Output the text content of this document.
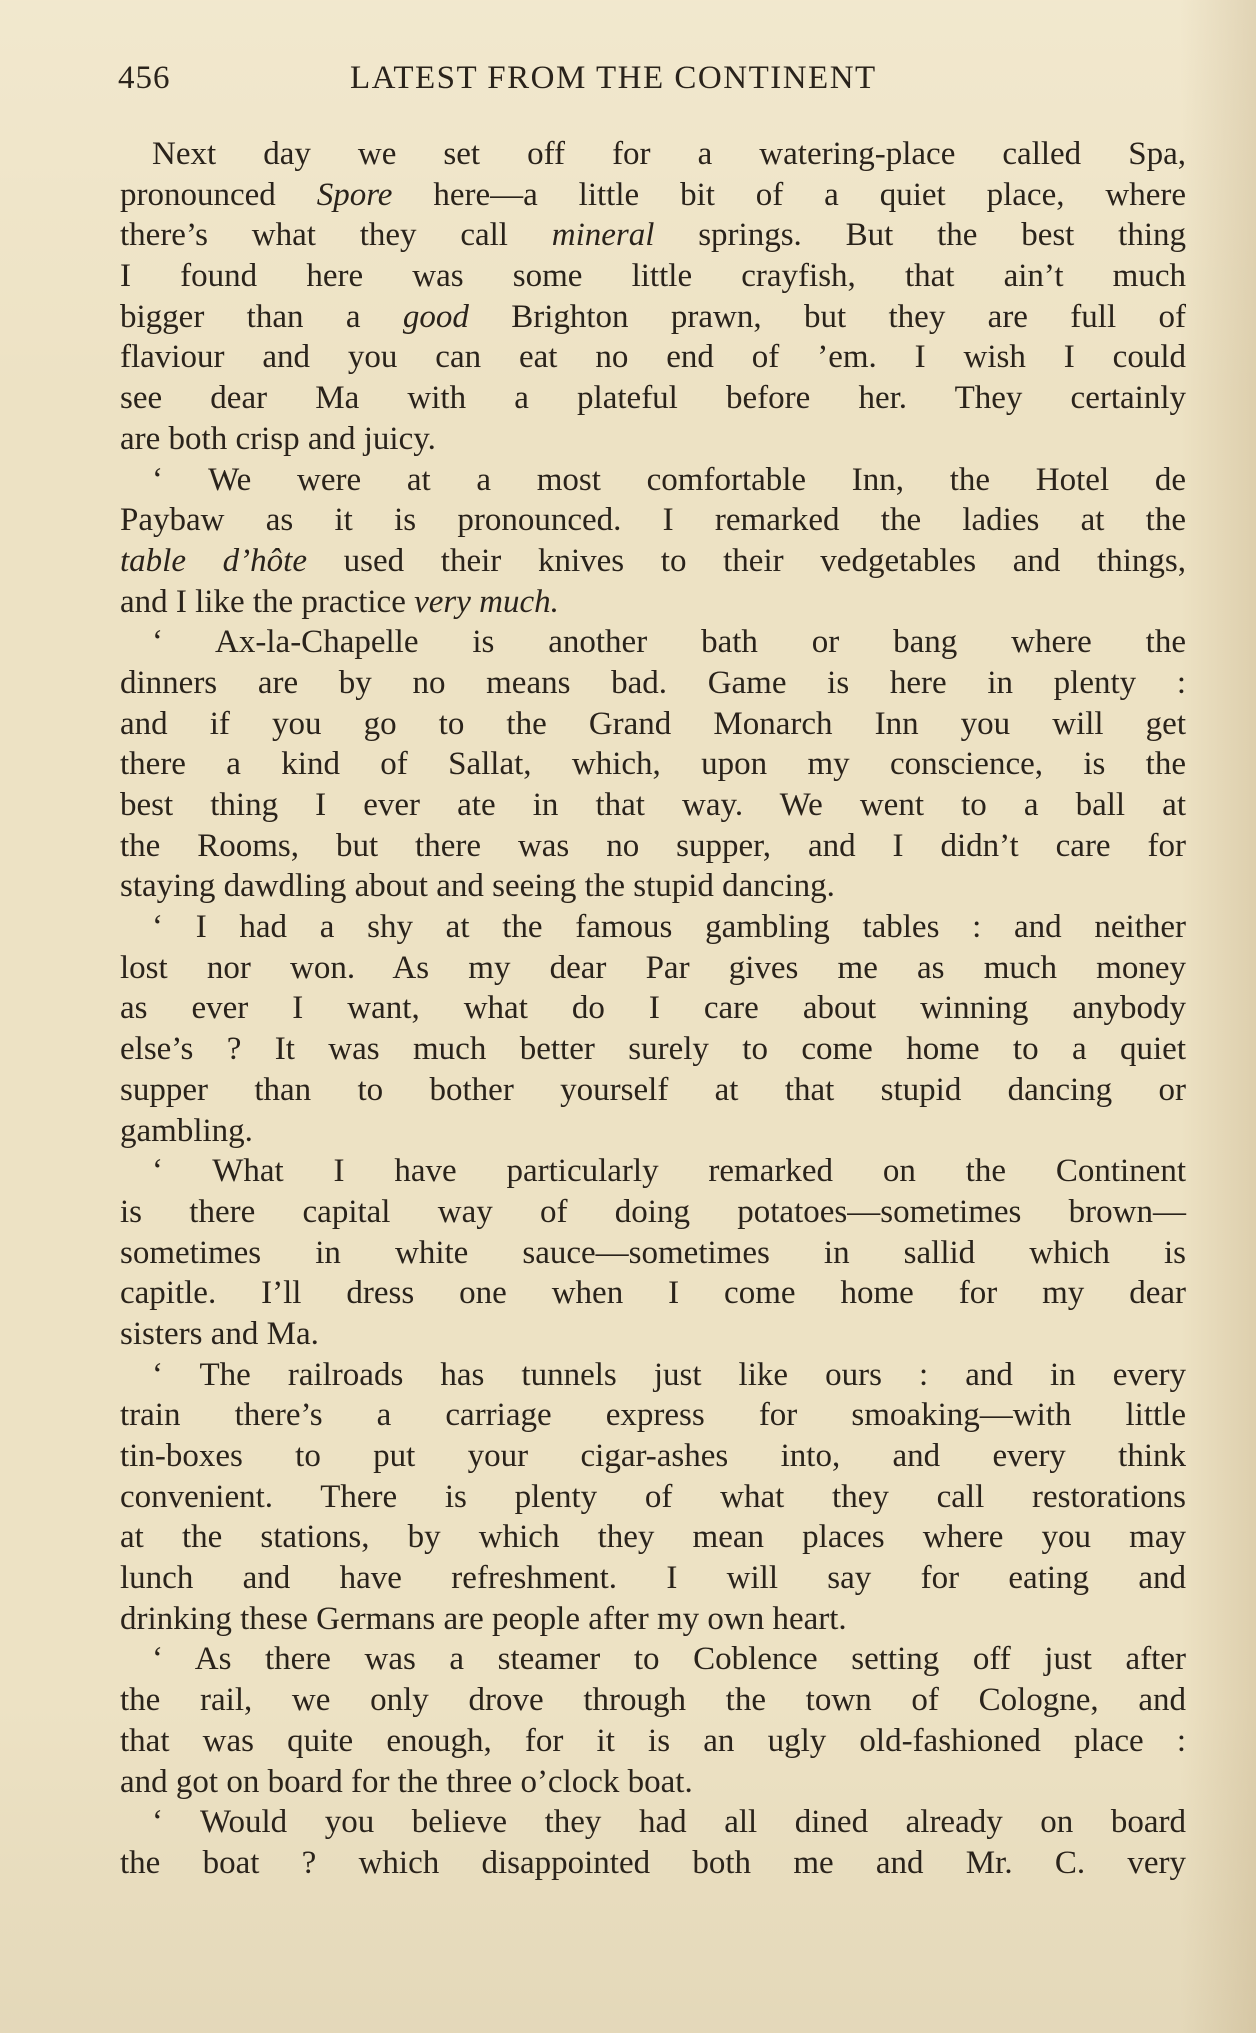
456	LATEST FROM THE CONTINENT
Next day we set off for a watering-place called Spa,
pronounced Spore here—a little bit of a quiet place, where
there’s what they call mineral springs. But the best thing
I found here was some little crayfish, that ain’t much
bigger than a good Brighton prawn, but they are full of
flaviour and you can eat no end of ’em. I wish I could
see dear Ma with a plateful before her. They certainly
are both crisp and juicy.
‘ We were at a most comfortable Inn, the Hotel de
Paybaw as it is pronounced. I remarked the ladies at the
table d’hôte used their knives to their vedgetables and things,
and I like the practice very much.
‘ Ax-la-Chapelle is another bath or bang where the
dinners are by no means bad. Game is here in plenty :
and if you go to the Grand Monarch Inn you will get
there a kind of Sallat, which, upon my conscience, is the
best thing I ever ate in that way. We went to a ball at
the Rooms, but there was no supper, and I didn’t care for
staying dawdling about and seeing the stupid dancing.
‘ I had a shy at the famous gambling tables : and neither
lost nor won. As my dear Par gives me as much money
as ever I want, what do I care about winning anybody
else’s ? It was much better surely to come home to a quiet
supper than to bother yourself at that stupid dancing or
gambling.
‘ What I have particularly remarked on the Continent
is there capital way of doing potatoes—sometimes brown—
sometimes in white sauce—sometimes in sallid which is
capitle. I’ll dress one when I come home for my dear
sisters and Ma.
‘ The railroads has tunnels just like ours : and in every
train there’s a carriage express for smoaking—with little
tin-boxes to put your cigar-ashes into, and every think
convenient. There is plenty of what they call restorations
at the stations, by which they mean places where you may
lunch and have refreshment. I will say for eating and
drinking these Germans are people after my own heart.
‘ As there was a steamer to Coblence setting off just after
the rail, we only drove through the town of Cologne, and
that was quite enough, for it is an ugly old-fashioned place :
and got on board for the three o’clock boat.
‘ Would you believe they had all dined already on board
the boat ? which disappointed both me and Mr. C. very
